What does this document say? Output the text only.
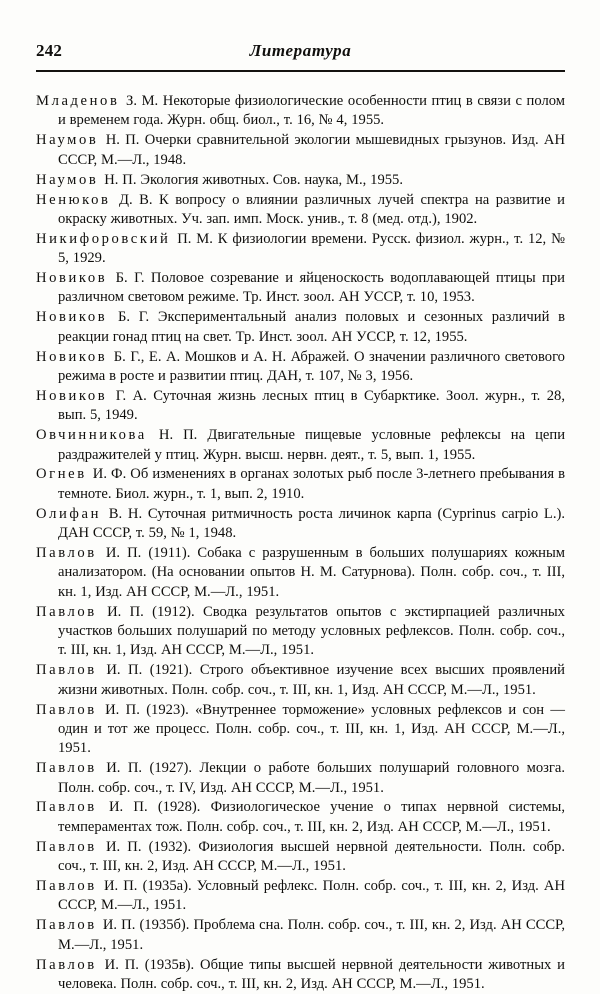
242	Литература

Младенов З. М. Некоторые физиологические особенности птиц в связи с полом и временем года. Журн. общ. биол., т. 16, № 4, 1955.

Наумов Н. П. Очерки сравнительной экологии мышевидных грызунов. Изд. АН СССР, М.—Л., 1948.

Наумов Н. П. Экология животных. Сов. наука, М., 1955.

Ненюков Д. В. К вопросу о влиянии различных лучей спектра на развитие и окраску животных. Уч. зап. имп. Моск. унив., т. 8 (мед. отд.), 1902.

Никифоровский П. М. К физиологии времени. Русск. физиол. журн., т. 12, № 5, 1929.

Новиков Б. Г. Половое созревание и яйценоскость водоплавающей птицы при различном световом режиме. Тр. Инст. зоол. АН УССР, т. 10, 1953.

Новиков Б. Г. Экспериментальный анализ половых и сезонных различий в реакции гонад птиц на свет. Тр. Инст. зоол. АН УССР, т. 12, 1955.

Новиков Б. Г., Е. А. Мошков и А. Н. Абражей. О значении различного светового режима в росте и развитии птиц. ДАН, т. 107, № 3, 1956.

Новиков Г. А. Суточная жизнь лесных птиц в Субарктике. Зоол. журн., т. 28, вып. 5, 1949.

Овчинникова Н. П. Двигательные пищевые условные рефлексы на цепи раздражителей у птиц. Журн. высш. нервн. деят., т. 5, вып. 1, 1955.

Огнев И. Ф. Об изменениях в органах золотых рыб после 3-летнего пребывания в темноте. Биол. журн., т. 1, вып. 2, 1910.

Олифан В. Н. Суточная ритмичность роста личинок карпа (Cyprinus carpio L.). ДАН СССР, т. 59, № 1, 1948.

Павлов И. П. (1911). Собака с разрушенным в больших полушариях кожным анализатором. (На основании опытов Н. М. Сатурнова). Полн. собр. соч., т. III, кн. 1, Изд. АН СССР, М.—Л., 1951.

Павлов И. П. (1912). Сводка результатов опытов с экстирпацией различных участков больших полушарий по методу условных рефлексов. Полн. собр. соч., т. III, кн. 1, Изд. АН СССР, М.—Л., 1951.

Павлов И. П. (1921). Строго объективное изучение всех высших проявлений жизни животных. Полн. собр. соч., т. III, кн. 1, Изд. АН СССР, М.—Л., 1951.

Павлов И. П. (1923). «Внутреннее торможение» условных рефлексов и сон — один и тот же процесс. Полн. собр. соч., т. III, кн. 1, Изд. АН СССР, М.—Л., 1951.

Павлов И. П. (1927). Лекции о работе больших полушарий головного мозга. Полн. собр. соч., т. IV, Изд. АН СССР, М.—Л., 1951.

Павлов И. П. (1928). Физиологическое учение о типах нервной системы, темпераментах тож. Полн. собр. соч., т. III, кн. 2, Изд. АН СССР, М.—Л., 1951.

Павлов И. П. (1932). Физиология высшей нервной деятельности. Полн. собр. соч., т. III, кн. 2, Изд. АН СССР, М.—Л., 1951.

Павлов И. П. (1935а). Условный рефлекс. Полн. собр. соч., т. III, кн. 2, Изд. АН СССР, М.—Л., 1951.

Павлов И. П. (1935б). Проблема сна. Полн. собр. соч., т. III, кн. 2, Изд. АН СССР, М.—Л., 1951.

Павлов И. П. (1935в). Общие типы высшей нервной деятельности животных и человека. Полн. собр. соч., т. III, кн. 2, Изд. АН СССР, М.—Л., 1951.
